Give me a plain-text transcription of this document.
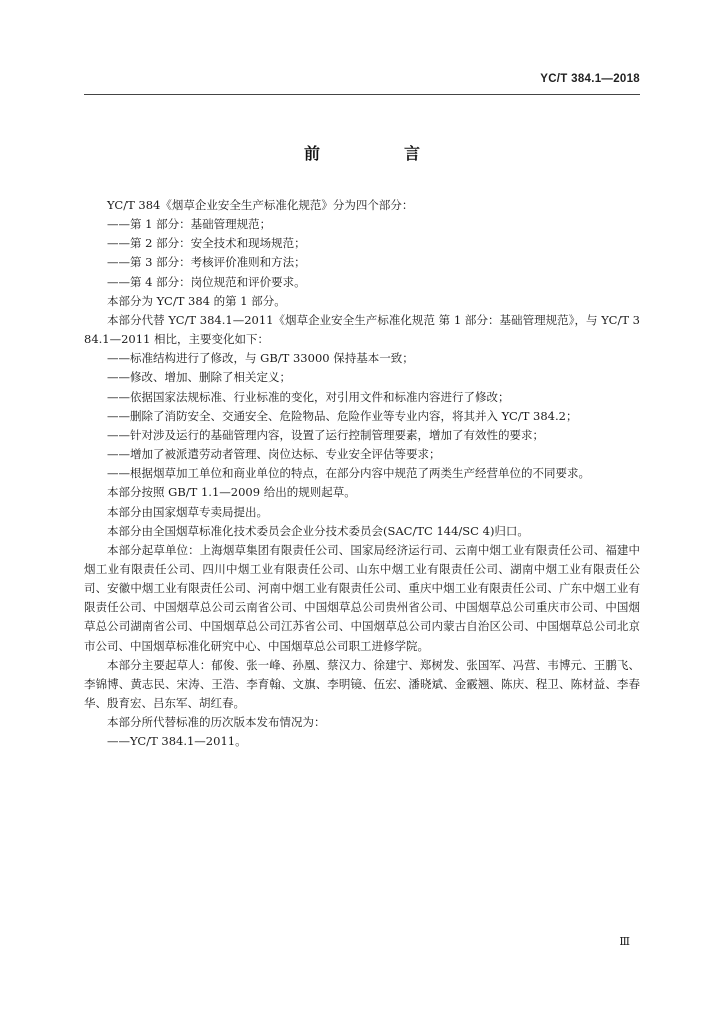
YC/T 384.1—2018
前　言

YC/T 384《烟草企业安全生产标准化规范》分为四个部分：

——第 1 部分：基础管理规范；

——第 2 部分：安全技术和现场规范；

——第 3 部分：考核评价准则和方法；

——第 4 部分：岗位规范和评价要求。

本部分为 YC/T 384 的第 1 部分。

本部分代替 YC/T 384.1—2011《烟草企业安全生产标准化规范 第 1 部分：基础管理规范》，与 YC/T 384.1—2011 相比，主要变化如下：

——标准结构进行了修改，与 GB/T 33000 保持基本一致；

——修改、增加、删除了相关定义；

——依据国家法规标准、行业标准的变化，对引用文件和标准内容进行了修改；

——删除了消防安全、交通安全、危险物品、危险作业等专业内容，将其并入 YC/T 384.2；

——针对涉及运行的基础管理内容，设置了运行控制管理要素，增加了有效性的要求；

——增加了被派遣劳动者管理、岗位达标、专业安全评估等要求；

——根据烟草加工单位和商业单位的特点，在部分内容中规范了两类生产经营单位的不同要求。

本部分按照 GB/T 1.1—2009 给出的规则起草。

本部分由国家烟草专卖局提出。

本部分由全国烟草标准化技术委员会企业分技术委员会(SAC/TC 144/SC 4)归口。

本部分起草单位：上海烟草集团有限责任公司、国家局经济运行司、云南中烟工业有限责任公司、福建中烟工业有限责任公司、四川中烟工业有限责任公司、山东中烟工业有限责任公司、湖南中烟工业有限责任公司、安徽中烟工业有限责任公司、河南中烟工业有限责任公司、重庆中烟工业有限责任公司、广东中烟工业有限责任公司、中国烟草总公司云南省公司、中国烟草总公司贵州省公司、中国烟草总公司重庆市公司、中国烟草总公司湖南省公司、中国烟草总公司江苏省公司、中国烟草总公司内蒙古自治区公司、中国烟草总公司北京市公司、中国烟草标准化研究中心、中国烟草总公司职工进修学院。

本部分主要起草人：郁俊、张一峰、孙凰、蔡汉力、徐建宁、郑树发、张国军、冯营、韦博元、王鹏飞、李锦博、黄志民、宋涛、王浩、李育翰、文旗、李明镜、伍宏、潘晓斌、金霰翘、陈庆、程卫、陈材益、李春华、殷育宏、吕东军、胡红春。

本部分所代替标准的历次版本发布情况为：

——YC/T 384.1—2011。

Ⅲ
